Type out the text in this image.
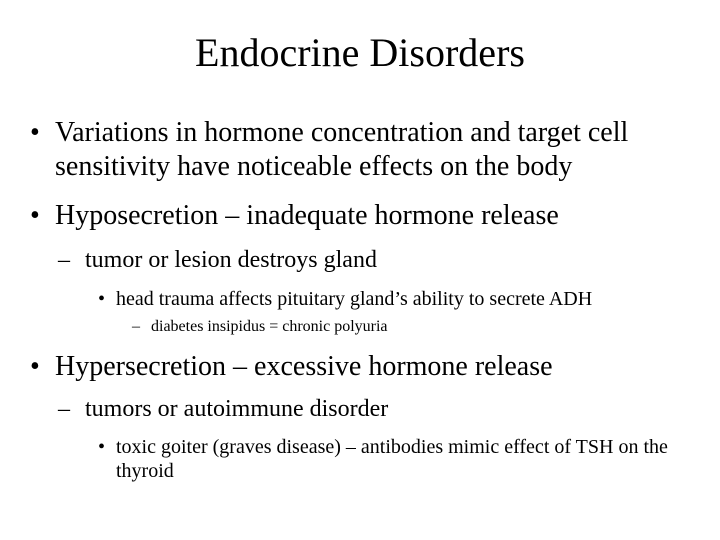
Endocrine Disorders
• Variations in hormone concentration and target cell sensitivity have noticeable effects on the body
• Hyposecretion – inadequate hormone release
– tumor or lesion destroys gland
• head trauma affects pituitary gland’s ability to secrete ADH
– diabetes insipidus = chronic polyuria
• Hypersecretion – excessive hormone release
– tumors or autoimmune disorder
• toxic goiter (graves disease) – antibodies mimic effect of TSH on the thyroid
